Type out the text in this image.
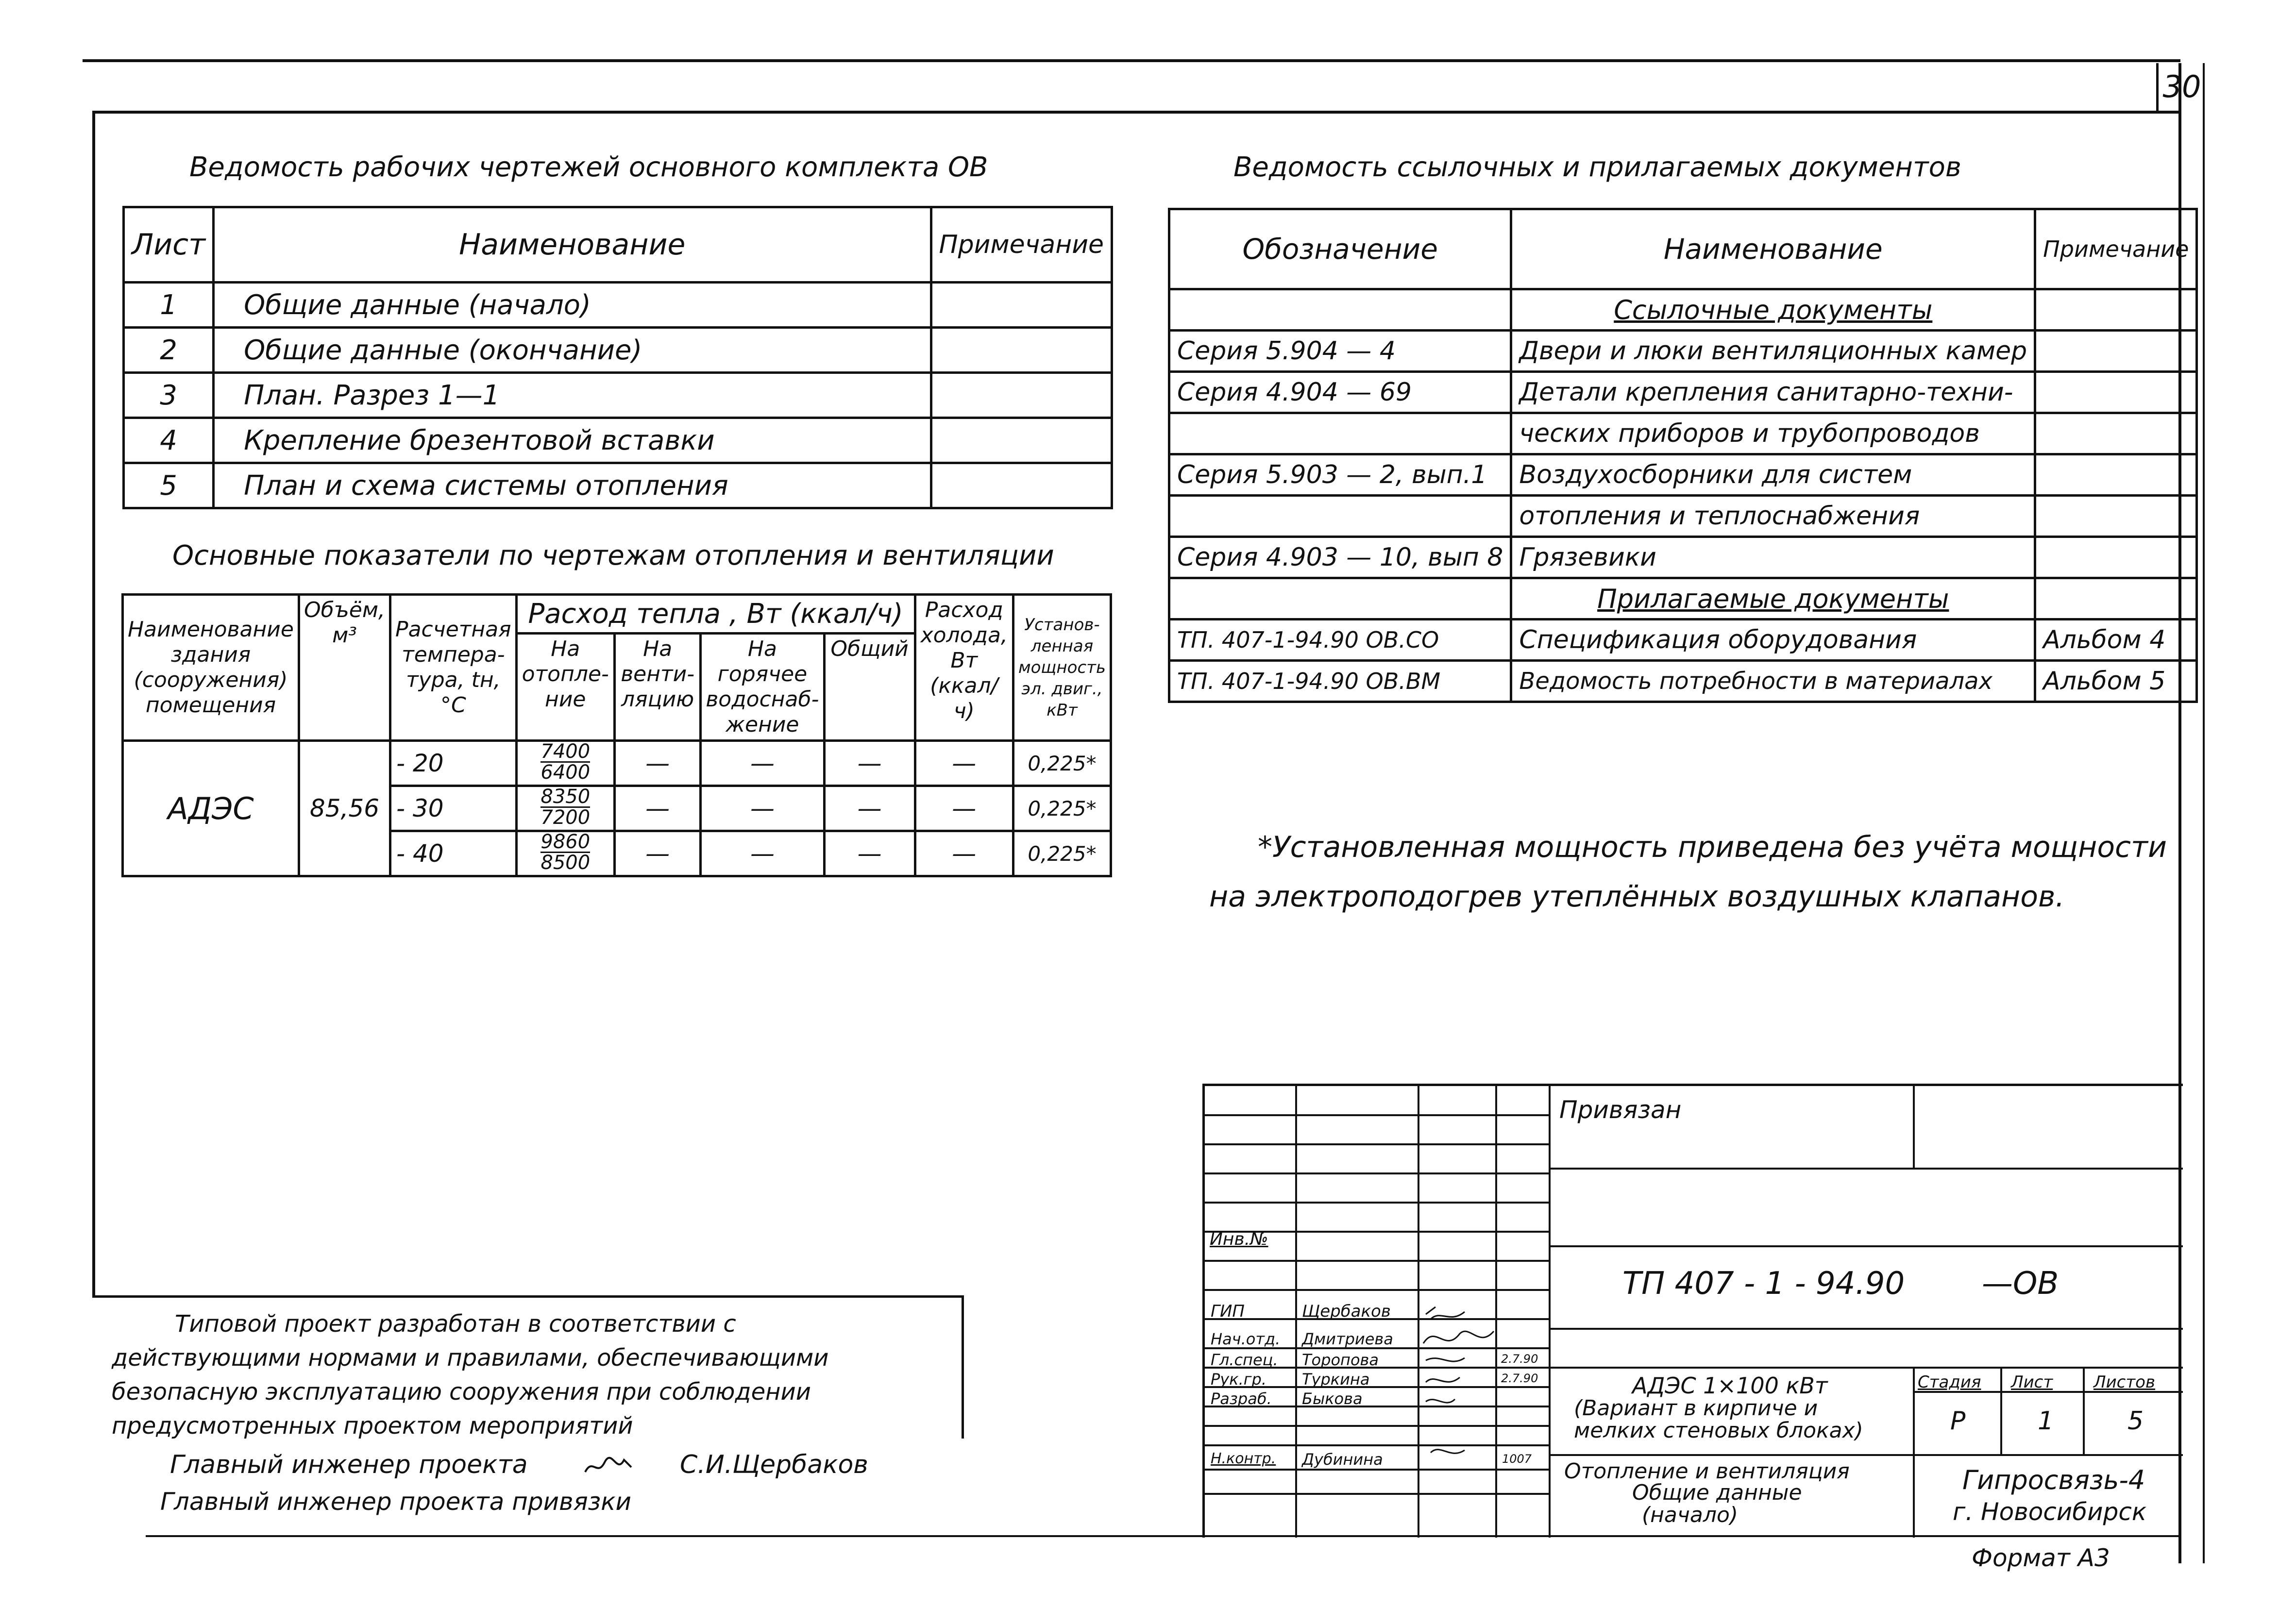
30
Ведомость рабочих чертежей основного комплекта ОВ
Лист	Наименование	Примечание
1	Общие данные (начало)	
2	Общие данные (окончание)	
3	План. Разрез 1—1	
4	Крепление брезентовой вставки	
5	План и схема системы отопления	
Основные показатели по чертежам отопления и вентиляции
Наименование здания (сооружения) помещения	Объём, м³	Расчетная темпера-тура, tн, °С	Расход тепла , Вт (ккал/ч)				Расход холода, Вт (ккал/ч)	Установ-ленная мощность эл. двиг., кВт
			На отопле-ние	На венти-ляцию	На горячее водоснаб-жение	Общий		
АДЭС	85,56	- 20	$\frac{7400}{6400}$	—	—	—	—	0,225*
		- 30	$\frac{8350}{7200}$	—	—	—	—	0,225*
		- 40	$\frac{9860}{8500}$	—	—	—	—	0,225*
Ведомость ссылочных и прилагаемых документов
Обозначение	Наименование	Примечание
	Ссылочные документы	
Серия 5.904 — 4	Двери и люки вентиляционных камер	
Серия 4.904 — 69	Детали крепления санитарно-техни-	
	ческих приборов и трубопроводов	
Серия 5.903 — 2, вып.1	Воздухосборники для систем	
	отопления и теплоснабжения	
Серия 4.903 — 10, вып 8	Грязевики	
	Прилагаемые документы	
ТП. 407-1-94.90 ОВ.СО	Спецификация оборудования	Альбом 4
ТП. 407-1-94.90 ОВ.ВМ	Ведомость потребности в материалах	Альбом 5
*Установленная мощность приведена без учёта мощности
на электроподогрев утеплённых воздушных клапанов.
Типовой проект разработан в соответствии с
действующими нормами и правилами, обеспечивающими
безопасную эксплуатацию сооружения при соблюдении
предусмотренных проектом мероприятий
Главный инженер проекта	С.И.Щербаков
Главный инженер проекта привязки
Привязан
Инв.№
ТП 407 - 1 - 94.90 —ОВ
ГИП	Щербаков
Нач.отд. Дмитриева
Гл.спец. Торопова	2.7.90
Рук.гр. Туркина	2.7.90
Разраб. Быкова
Н.контр. Дубинина	1007
АДЭС 1×100 кВт
(Вариант в кирпиче и
мелких стеновых блоках)
Стадия Лист Листов
Р	1	5
Отопление и вентиляция
Общие данные
(начало)
Гипросвязь-4
г. Новосибирск
Формат А3
